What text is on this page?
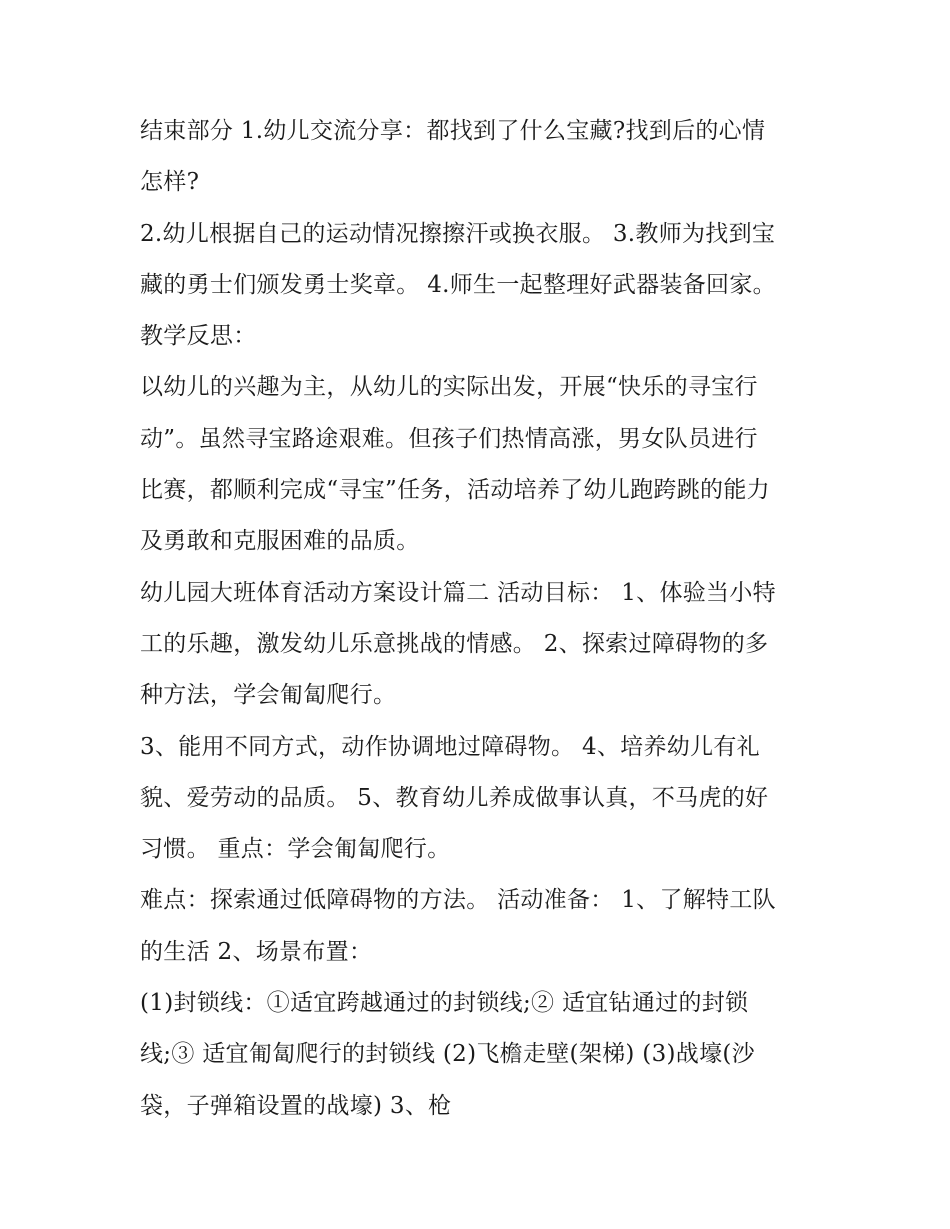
结束部分 1.幼儿交流分享：都找到了什么宝藏?找到后的心情
怎样?
2.幼儿根据自己的运动情况擦擦汗或换衣服。 3.教师为找到宝
藏的勇士们颁发勇士奖章。 4.师生一起整理好武器装备回家。
教学反思：
以幼儿的兴趣为主，从幼儿的实际出发，开展“快乐的寻宝行
动”。虽然寻宝路途艰难。但孩子们热情高涨，男女队员进行
比赛，都顺利完成“寻宝”任务，活动培养了幼儿跑跨跳的能力
及勇敢和克服困难的品质。
幼儿园大班体育活动方案设计篇二 活动目标： 1、体验当小特
工的乐趣，激发幼儿乐意挑战的情感。 2、探索过障碍物的多
种方法，学会匍匐爬行。
3、能用不同方式，动作协调地过障碍物。 4、培养幼儿有礼
貌、爱劳动的品质。 5、教育幼儿养成做事认真，不马虎的好
习惯。 重点：学会匍匐爬行。
难点：探索通过低障碍物的方法。 活动准备： 1、了解特工队
的生活 2、场景布置：
(1)封锁线：①适宜跨越通过的封锁线;② 适宜钻通过的封锁
线;③ 适宜匍匐爬行的封锁线 (2)飞檐走壁(架梯) (3)战壕(沙
袋，子弹箱设置的战壕) 3、枪
